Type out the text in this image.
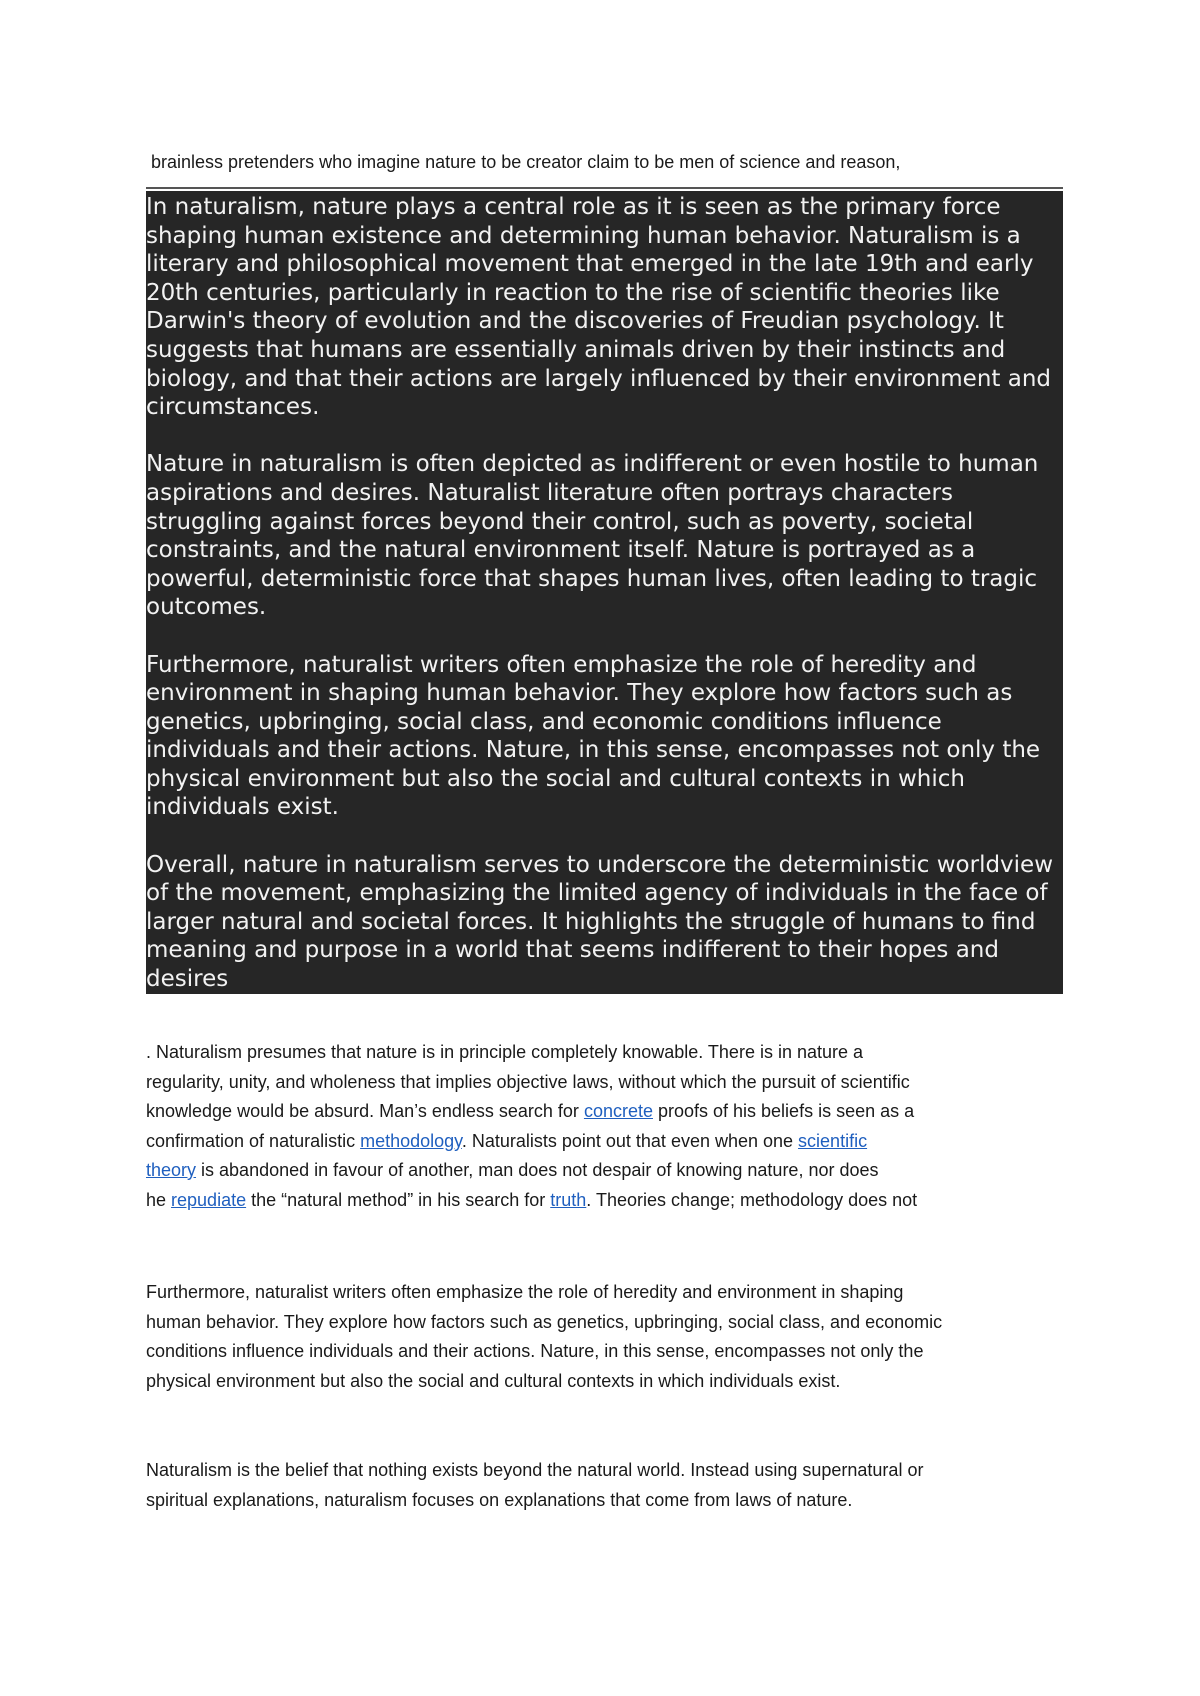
brainless pretenders who imagine nature to be creator claim to be men of science and reason,

In naturalism, nature plays a central role as it is seen as the primary force shaping human existence and determining human behavior. Naturalism is a literary and philosophical movement that emerged in the late 19th and early 20th centuries, particularly in reaction to the rise of scientific theories like Darwin's theory of evolution and the discoveries of Freudian psychology. It suggests that humans are essentially animals driven by their instincts and biology, and that their actions are largely influenced by their environment and circumstances.

Nature in naturalism is often depicted as indifferent or even hostile to human aspirations and desires. Naturalist literature often portrays characters struggling against forces beyond their control, such as poverty, societal constraints, and the natural environment itself. Nature is portrayed as a powerful, deterministic force that shapes human lives, often leading to tragic outcomes.

Furthermore, naturalist writers often emphasize the role of heredity and environment in shaping human behavior. They explore how factors such as genetics, upbringing, social class, and economic conditions influence individuals and their actions. Nature, in this sense, encompasses not only the physical environment but also the social and cultural contexts in which individuals exist.

Overall, nature in naturalism serves to underscore the deterministic worldview of the movement, emphasizing the limited agency of individuals in the face of larger natural and societal forces. It highlights the struggle of humans to find meaning and purpose in a world that seems indifferent to their hopes and desires

. Naturalism presumes that nature is in principle completely knowable. There is in nature a
regularity, unity, and wholeness that implies objective laws, without which the pursuit of scientific
knowledge would be absurd. Man’s endless search for concrete proofs of his beliefs is seen as a
confirmation of naturalistic methodology. Naturalists point out that even when one scientific
theory is abandoned in favour of another, man does not despair of knowing nature, nor does
he repudiate the “natural method” in his search for truth. Theories change; methodology does not
Furthermore, naturalist writers often emphasize the role of heredity and environment in shaping
human behavior. They explore how factors such as genetics, upbringing, social class, and economic
conditions influence individuals and their actions. Nature, in this sense, encompasses not only the
physical environment but also the social and cultural contexts in which individuals exist.
Naturalism is the belief that nothing exists beyond the natural world. Instead using supernatural or
spiritual explanations, naturalism focuses on explanations that come from laws of nature.
